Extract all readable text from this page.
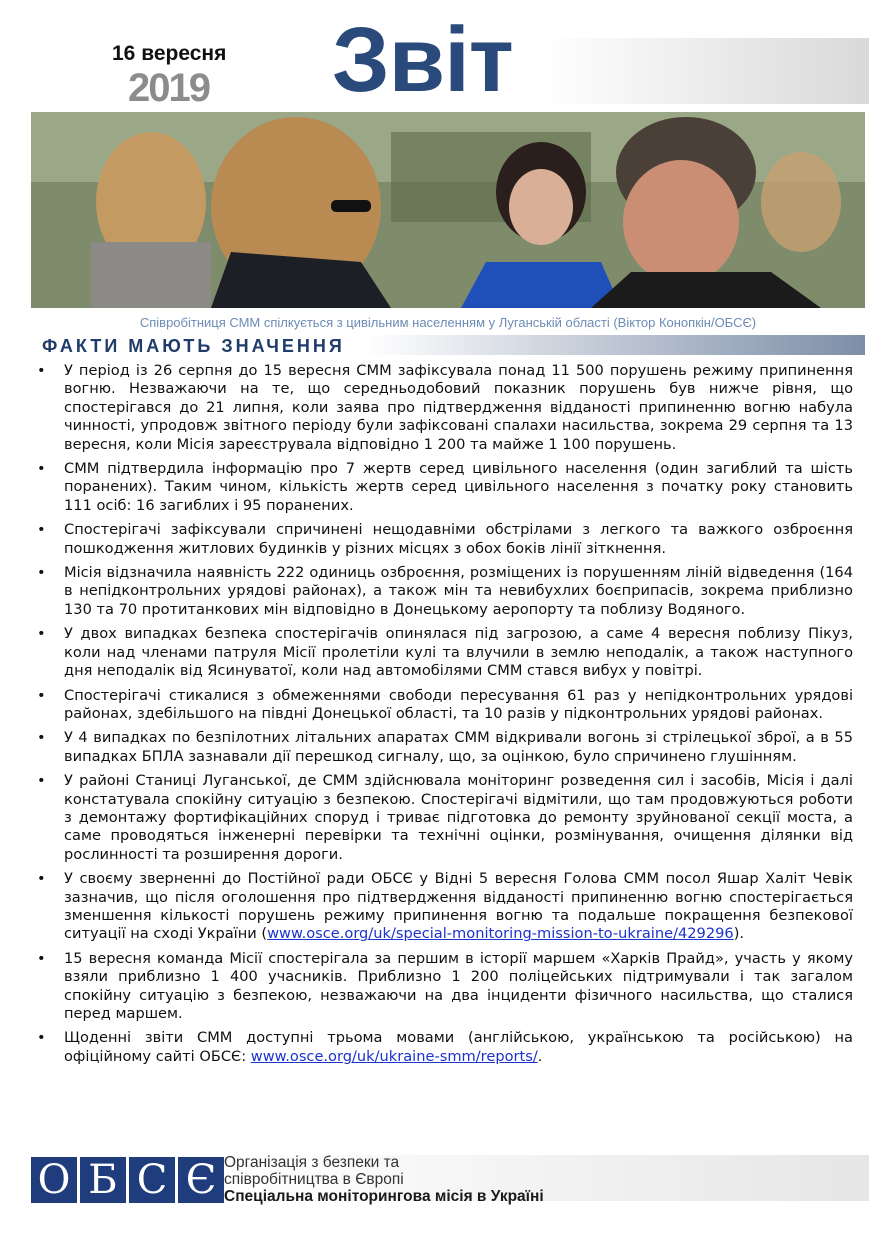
16 вересня
2019 Звіт
Співробітниця СММ спілкується з цивільним населенням у Луганській області (Віктор Конопкін/ОБСЄ)
ФАКТИ МАЮТЬ ЗНАЧЕННЯ
• У період із 26 серпня до 15 вересня СММ зафіксувала понад 11 500 порушень режиму припинення вогню. Незважаючи на те, що середньодобовий показник порушень був нижче рівня, що спостерігався до 21 липня, коли заява про підтвердження відданості припиненню вогню набула чинності, упродовж звітного періоду були зафіксовані спалахи насильства, зокрема 29 серпня та 13 вересня, коли Місія зареєструвала відповідно 1 200 та майже 1 100 порушень.
• СММ підтвердила інформацію про 7 жертв серед цивільного населення (один загиблий та шість поранених). Таким чином, кількість жертв серед цивільного населення з початку року становить 111 осіб: 16 загиблих і 95 поранених.
• Спостерігачі зафіксували спричинені нещодавніми обстрілами з легкого та важкого озброєння пошкодження житлових будинків у різних місцях з обох боків лінії зіткнення.
• Місія відзначила наявність 222 одиниць озброєння, розміщених із порушенням ліній відведення (164 в непідконтрольних урядові районах), а також мін та невибухлих боєприпасів, зокрема приблизно 130 та 70 протитанкових мін відповідно в Донецькому аеропорту та поблизу Водяного.
• У двох випадках безпека спостерігачів опинялася під загрозою, а саме 4 вересня поблизу Пікуз, коли над членами патруля Місії пролетіли кулі та влучили в землю неподалік, а також наступного дня неподалік від Ясинуватої, коли над автомобілями СММ стався вибух у повітрі.
• Спостерігачі стикалися з обмеженнями свободи пересування 61 раз у непідконтрольних урядові районах, здебільшого на півдні Донецької області, та 10 разів у підконтрольних урядові районах.
• У 4 випадках по безпілотних літальних апаратах СММ відкривали вогонь зі стрілецької зброї, а в 55 випадках БПЛА зазнавали дії перешкод сигналу, що, за оцінкою, було спричинено глушінням.
• У районі Станиці Луганської, де СММ здійснювала моніторинг розведення сил і засобів, Місія і далі констатувала спокійну ситуацію з безпекою. Спостерігачі відмітили, що там продовжуються роботи з демонтажу фортифікаційних споруд і триває підготовка до ремонту зруйнованої секції моста, а саме проводяться інженерні перевірки та технічні оцінки, розмінування, очищення ділянки від рослинності та розширення дороги.
• У своєму зверненні до Постійної ради ОБСЄ у Відні 5 вересня Голова СММ посол Яшар Халіт Чевік зазначив, що після оголошення про підтвердження відданості припиненню вогню спостерігається зменшення кількості порушень режиму припинення вогню та подальше покращення безпекової ситуації на сході України (www.osce.org/uk/special-monitoring-mission-to-ukraine/429296).
• 15 вересня команда Місії спостерігала за першим в історії маршем «Харків Прайд», участь у якому взяли приблизно 1 400 учасників. Приблизно 1 200 поліцейських підтримували і так загалом спокійну ситуацію з безпекою, незважаючи на два інциденти фізичного насильства, що сталися перед маршем.
• Щоденні звіти СММ доступні трьома мовами (англійською, українською та російською) на офіційному сайті ОБСЄ: www.osce.org/uk/ukraine-smm/reports/.
О Б С Є Організація з безпеки та
співробітництва в Європі
Спеціальна моніторингова місія в Україні
